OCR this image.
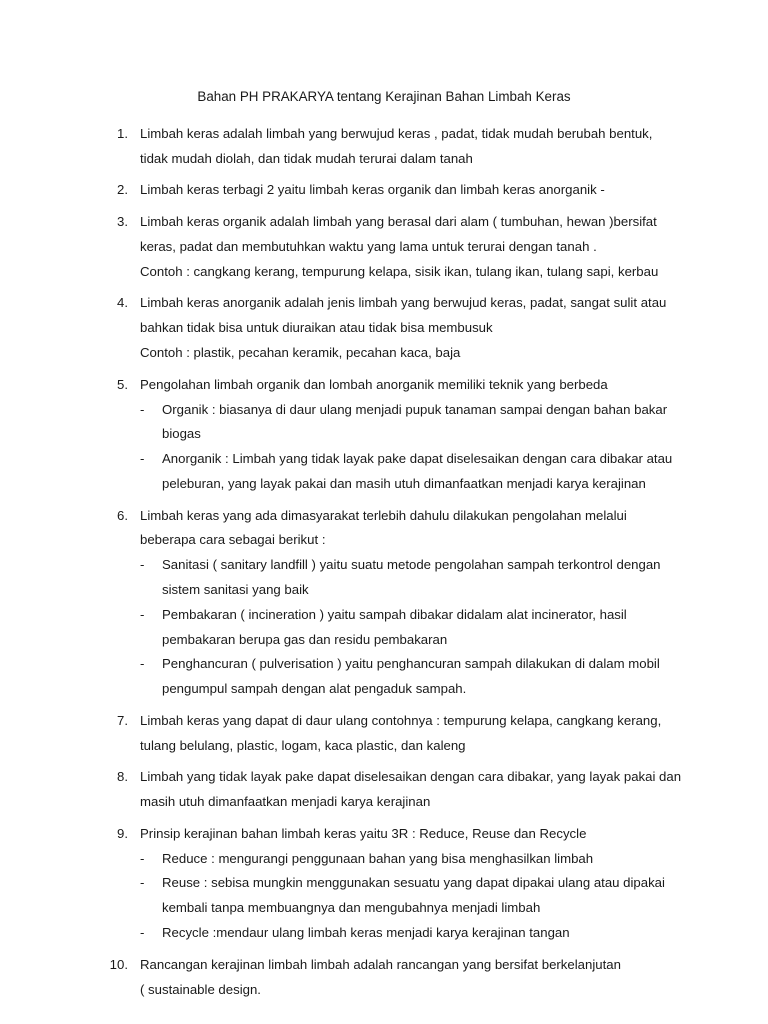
Bahan PH PRAKARYA tentang Kerajinan Bahan Limbah Keras
1. Limbah keras adalah limbah yang berwujud keras , padat, tidak mudah berubah bentuk,
tidak mudah diolah, dan tidak mudah terurai dalam tanah
2. Limbah keras terbagi 2 yaitu limbah keras organik dan limbah keras anorganik -
3. Limbah keras organik adalah limbah yang berasal dari alam ( tumbuhan, hewan )bersifat
keras, padat dan membutuhkan waktu yang lama untuk terurai dengan tanah .
Contoh : cangkang kerang, tempurung kelapa, sisik ikan, tulang ikan, tulang sapi, kerbau
4. Limbah keras anorganik adalah jenis limbah yang berwujud keras, padat, sangat sulit atau
bahkan tidak bisa untuk diuraikan atau tidak bisa membusuk
Contoh : plastik, pecahan keramik, pecahan kaca, baja
5. Pengolahan limbah organik dan lombah anorganik memiliki teknik yang berbeda
- Organik : biasanya di daur ulang menjadi pupuk tanaman sampai dengan bahan bakar
biogas
- Anorganik : Limbah yang tidak layak pake dapat diselesaikan dengan cara dibakar atau
peleburan, yang layak pakai dan masih utuh dimanfaatkan menjadi karya kerajinan
6. Limbah keras yang ada dimasyarakat terlebih dahulu dilakukan pengolahan melalui
beberapa cara sebagai berikut :
- Sanitasi ( sanitary landfill ) yaitu suatu metode pengolahan sampah terkontrol dengan
sistem sanitasi yang baik
- Pembakaran ( incineration ) yaitu sampah dibakar didalam alat incinerator, hasil
pembakaran berupa gas dan residu pembakaran
- Penghancuran ( pulverisation ) yaitu penghancuran sampah dilakukan di dalam mobil
pengumpul sampah dengan alat pengaduk sampah.
7. Limbah keras yang dapat di daur ulang contohnya : tempurung kelapa, cangkang kerang,
tulang belulang, plastic, logam, kaca plastic, dan kaleng
8. Limbah yang tidak layak pake dapat diselesaikan dengan cara dibakar, yang layak pakai dan
masih utuh dimanfaatkan menjadi karya kerajinan
9. Prinsip kerajinan bahan limbah keras yaitu 3R : Reduce, Reuse dan Recycle
- Reduce : mengurangi penggunaan bahan yang bisa menghasilkan limbah
- Reuse : sebisa mungkin menggunakan sesuatu yang dapat dipakai ulang atau dipakai
kembali tanpa membuangnya dan mengubahnya menjadi limbah
- Recycle :mendaur ulang limbah keras menjadi karya kerajinan tangan
10. Rancangan kerajinan limbah limbah adalah rancangan yang bersifat berkelanjutan
( sustainable design.
